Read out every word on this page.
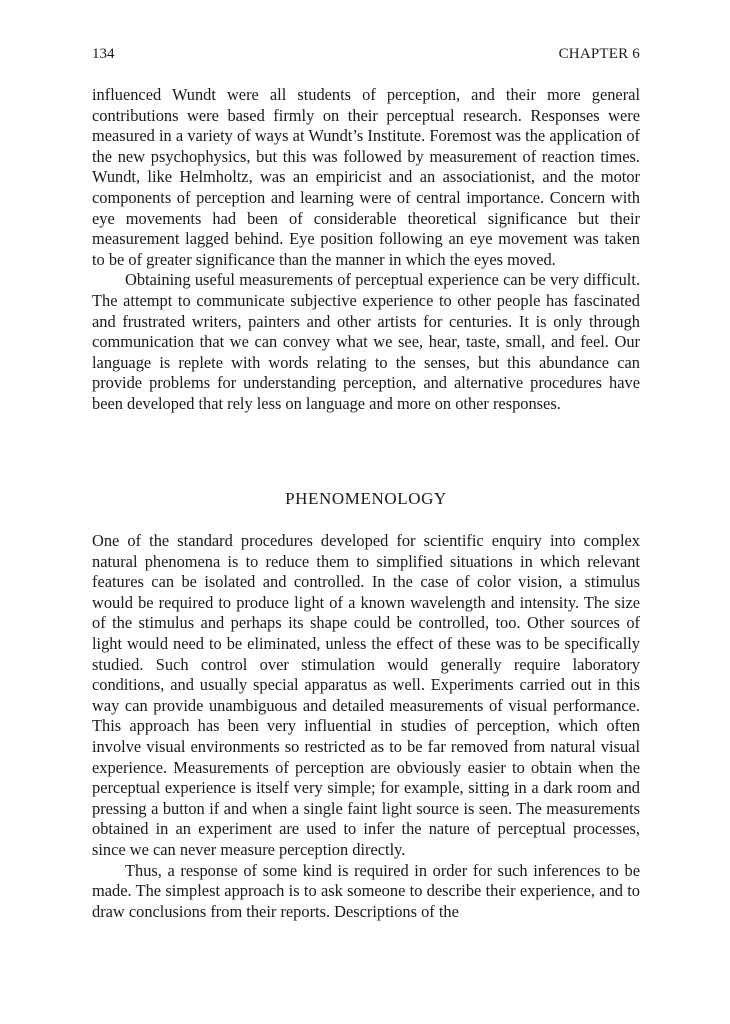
134	CHAPTER 6

influenced Wundt were all students of perception, and their more general contributions were based firmly on their perceptual research. Responses were measured in a variety of ways at Wundt’s Institute. Foremost was the application of the new psychophysics, but this was followed by measurement of reaction times. Wundt, like Helmholtz, was an empiricist and an associationist, and the motor components of perception and learning were of central importance. Concern with eye movements had been of considerable theoretical significance but their measurement lagged behind. Eye position following an eye movement was taken to be of greater significance than the manner in which the eyes moved.

Obtaining useful measurements of perceptual experience can be very difficult. The attempt to communicate subjective experience to other people has fascinated and frustrated writers, painters and other artists for centuries. It is only through communication that we can convey what we see, hear, taste, small, and feel. Our language is replete with words relating to the senses, but this abundance can provide problems for understanding perception, and alternative procedures have been developed that rely less on language and more on other responses.

PHENOMENOLOGY

One of the standard procedures developed for scientific enquiry into complex natural phenomena is to reduce them to simplified situations in which relevant features can be isolated and controlled. In the case of color vision, a stimulus would be required to produce light of a known wavelength and intensity. The size of the stimulus and perhaps its shape could be controlled, too. Other sources of light would need to be eliminated, unless the effect of these was to be specifically studied. Such control over stimulation would generally require laboratory conditions, and usually special apparatus as well. Experiments carried out in this way can provide unambiguous and detailed measurements of visual performance. This approach has been very influential in studies of perception, which often involve visual environments so restricted as to be far removed from natural visual experience. Measurements of perception are obviously easier to obtain when the perceptual experience is itself very simple; for example, sitting in a dark room and pressing a button if and when a single faint light source is seen. The measurements obtained in an experiment are used to infer the nature of perceptual processes, since we can never measure perception directly.

Thus, a response of some kind is required in order for such inferences to be made. The simplest approach is to ask someone to describe their experience, and to draw conclusions from their reports. Descriptions of the
